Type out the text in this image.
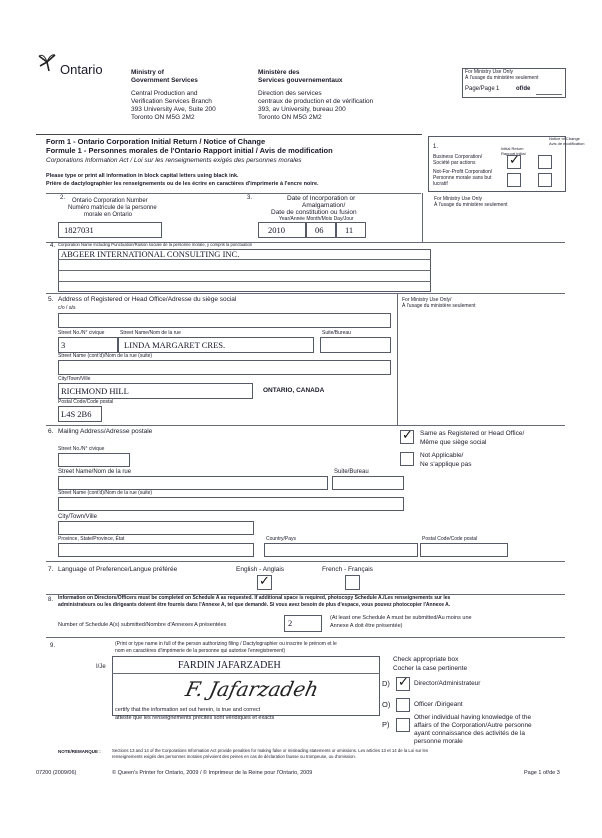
Ontario	Ministry of
Government Services
Ministère des
Services gouvernementaux
Central Production and
Verification Services Branch
393 University Ave, Suite 200
Toronto ON M5G 2M2
Direction des services
centraux de production et de vérification
393, av University, bureau 200
Toronto ON M5G 2M2
For Ministry Use Only
À l'usage du ministère seulement
Page/Page 1	of/de
Form 1 - Ontario Corporation Initial Return / Notice of Change
Formule 1 - Personnes morales de l'Ontario Rapport initial / Avis de modification
Corporations Information Act / Loi sur les renseignements exigés des personnes morales
Please type or print all information in block capital letters using black ink.
Prière de dactylographier les renseignements ou de les écrire en caractères d'imprimerie à l'encre noire.
1.
Notice of Change
Avis de modification
Initial Return
Rapport initial
Business Corporation/
Société par actions
Not-For-Profit Corporation/
Personne morale sans but
lucratif
✓
2. Ontario Corporation Number
Numéro matricule de la personne
morale en Ontario
1827031
3.	Date of Incorporation or
Amalgamation/
Date de constitution ou fusion
Year/Année Month/Mois Day/Jour
2010	06	11
For Ministry Use Only
À l'usage du ministère seulement
4. Corporation Name Including Punctuation/Raison sociale de la personne morale, y compris la ponctuation
ABGEER INTERNATIONAL CONSULTING INC.
5. Address of Registered or Head Office/Adresse du siège social	For Ministry Use Only/
À l'usage du ministère seulement
c/o / a/s
Street No./N° civique	Street Name/Nom de la rue	Suite/Bureau
3	LINDA MARGARET CRES.
Street Name (cont'd)/Nom de la rue (suite)
City/Town/Ville
RICHMOND HILL	ONTARIO, CANADA
Postal Code/Code postal
L4S 2B6
6. Mailing Address/Adresse postale	✓ Same as Registered or Head Office/
Même que siège social
Not Applicable/
Ne s'applique pas
Street No./N° civique
Street Name/Nom de la rue	Suite/Bureau
Street Name (cont'd)/Nom de la rue (suite)
City/Town/Ville
Province, State/Province, État	Country/Pays	Postal Code/Code postal
7. Language of Preference/Langue préférée	English - Anglais	French - Français
✓
8. Information on Directors/Officers must be completed on Schedule A as requested. If additional space is required, photocopy Schedule A./Les renseignements sur les
administrateurs ou les dirigeants doivent être fournis dans l'Annexe A, tel que demandé. Si vous avez besoin de plus d'espace, vous pouvez photocopier l'Annexe A.
Number of Schedule A(s) submitted/Nombre d'Annexes A présentées	2	(At least one Schedule A must be submitted/Au moins une
Annexe A doit être présentée)
9.	(Print or type name in full of the person authorizing filing / Dactylographier ou inscrire le prénom et le
nom en caractères d'imprimerie de la personne qui autorise l'enregistrement)
I/Je	FARDIN JAFARZADEH
F. Jafarzadeh
certify that the information set out herein, is true and correct
atteste que les renseignements précités sont véridiques et exacts
Check appropriate box
Cocher la case pertinente
D) ✓ Director/Administrateur
O)	Officer /Dirigeant
P)
Other individual having knowledge of the
affairs of the Corporation/Autre personne
ayant connaissance des activités de la
personne morale
NOTE/REMARQUE :	Sections 13 and 14 of the Corporations Information Act provide penalties for making false or misleading statements or omissions. Les articles 13 et 14 de la Loi sur les
renseignements exigés des personnes morales prévoient des peines en cas de déclaration fausse ou trompeuse, ou d'omission.
07200 (2009/06)	© Queen's Printer for Ontario, 2009 / © Imprimeur de la Reine pour l'Ontario, 2009	Page 1 of/de 3
